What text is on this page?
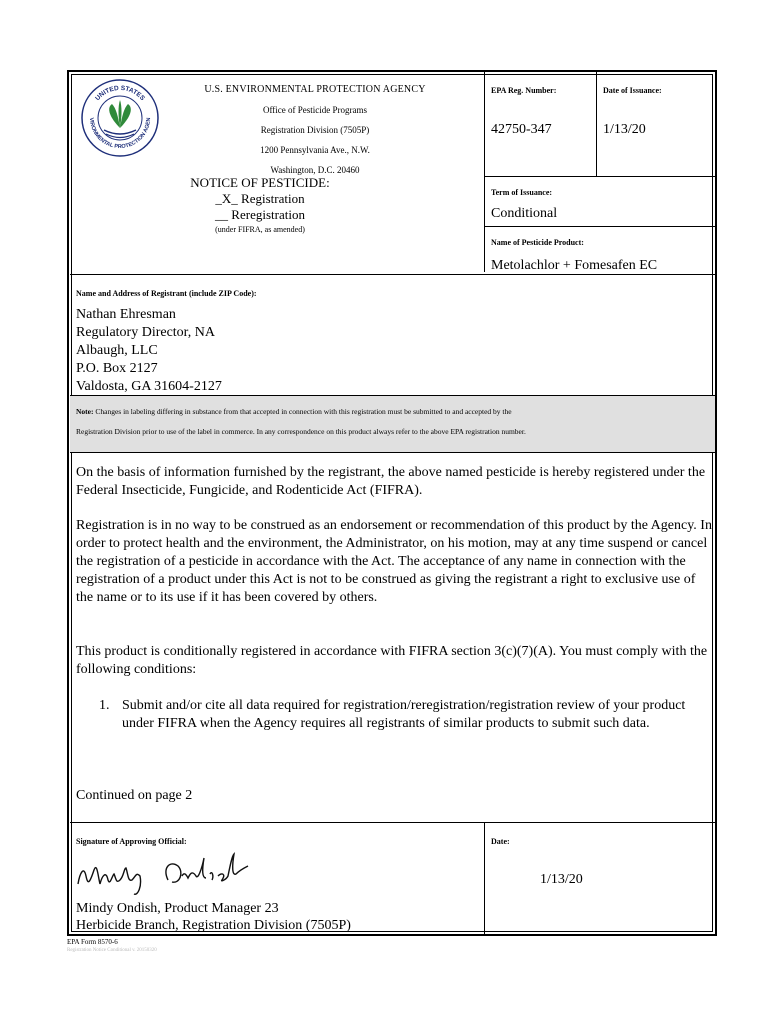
UNITED STATES
VIRONMENTAL PROTECTION AGEN
U.S. ENVIRONMENTAL PROTECTION AGENCY
Office of Pesticide Programs
Registration Division (7505P)
1200 Pennsylvania Ave., N.W.
Washington, D.C. 20460
NOTICE OF PESTICIDE:
_X_ Registration
__ Reregistration
(under FIFRA, as amended)
EPA Reg. Number:
42750-347
Date of Issuance:
1/13/20
Term of Issuance:
Conditional
Name of Pesticide Product:
Metolachlor + Fomesafen EC
Name and Address of Registrant (include ZIP Code):
Nathan Ehresman
Regulatory Director, NA
Albaugh, LLC
P.O. Box 2127
Valdosta, GA 31604-2127
Note: Changes in labeling differing in substance from that accepted in connection with this registration must be submitted to and accepted by the
Registration Division prior to use of the label in commerce. In any correspondence on this product always refer to the above EPA registration number.
On the basis of information furnished by the registrant, the above named pesticide is hereby registered under the Federal Insecticide, Fungicide, and Rodenticide Act (FIFRA).
Registration is in no way to be construed as an endorsement or recommendation of this product by the Agency. In order to protect health and the environment, the Administrator, on his motion, may at any time suspend or cancel the registration of a pesticide in accordance with the Act. The acceptance of any name in connection with the registration of a product under this Act is not to be construed as giving the registrant a right to exclusive use of the name or to its use if it has been covered by others.
This product is conditionally registered in accordance with FIFRA section 3(c)(7)(A). You must comply with the following conditions:
1. Submit and/or cite all data required for registration/reregistration/registration review of your product under FIFRA when the Agency requires all registrants of similar products to submit such data.
Continued on page 2
Signature of Approving Official:
Mindy Ondish, Product Manager 23
Herbicide Branch, Registration Division (7505P)
Date:
1/13/20
EPA Form 8570-6
Registration Notice Conditional v. 20150320
